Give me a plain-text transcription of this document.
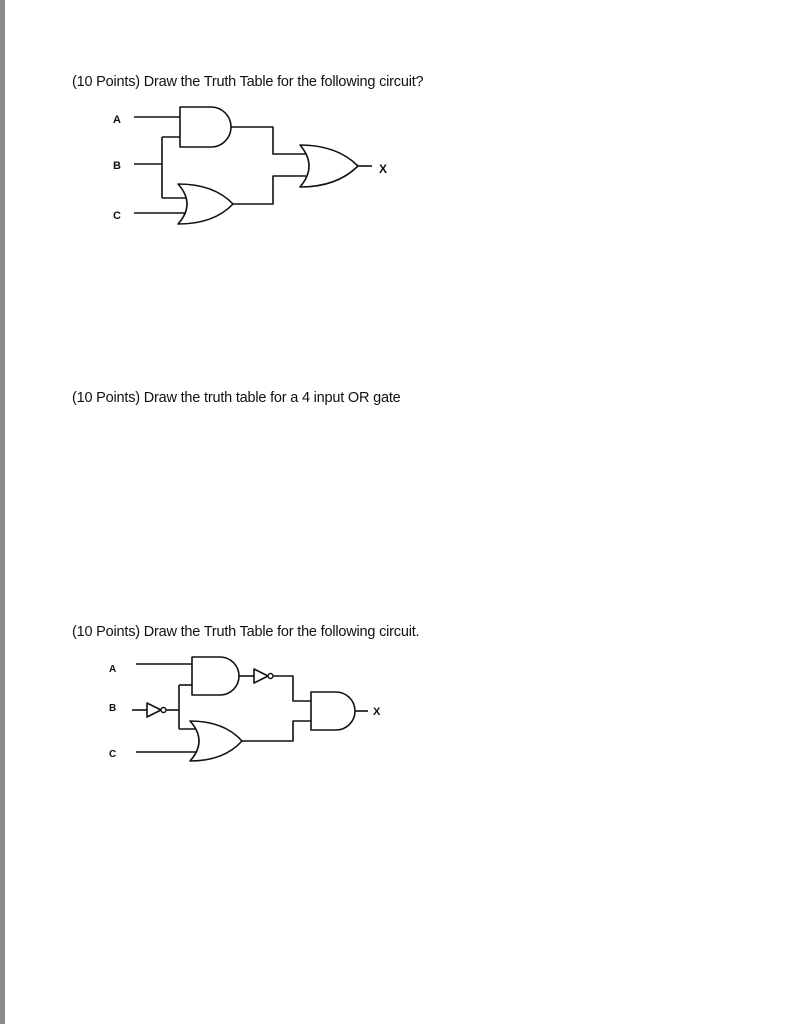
(10 Points) Draw the Truth Table for the following circuit?
A
B
C
X
(10 Points) Draw the truth table for a 4 input OR gate
(10 Points) Draw the Truth Table for the following circuit.
A
B
C
X
